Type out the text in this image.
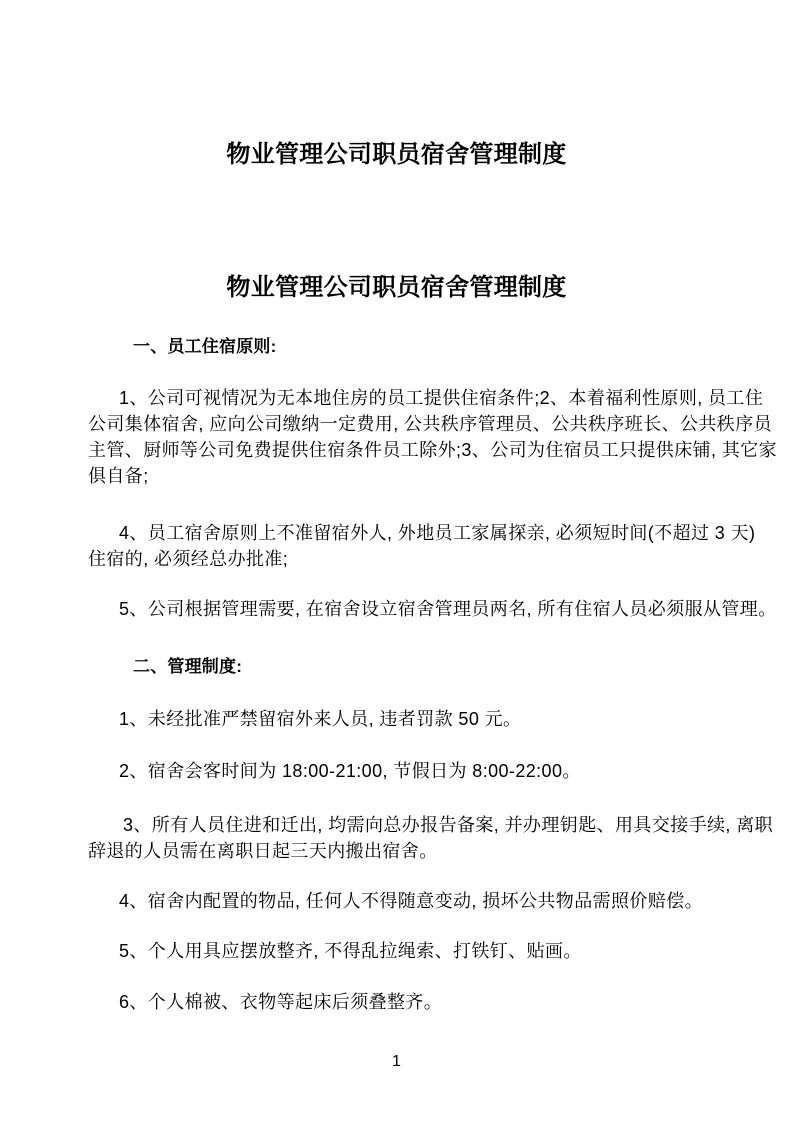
物业管理公司职员宿舍管理制度
物业管理公司职员宿舍管理制度
一、员工住宿原则:
1、公司可视情况为无本地住房的员工提供住宿条件;2、本着福利性原则, 员工住
公司集体宿舍, 应向公司缴纳一定费用, 公共秩序管理员、公共秩序班长、公共秩序员
主管、厨师等公司免费提供住宿条件员工除外;3、公司为住宿员工只提供床铺, 其它家
俱自备;
4、员工宿舍原则上不准留宿外人, 外地员工家属探亲, 必须短时间(不超过 3 天)
住宿的, 必须经总办批准;
5、公司根据管理需要, 在宿舍设立宿舍管理员两名, 所有住宿人员必须服从管理。
二、管理制度:
1、未经批准严禁留宿外来人员, 违者罚款 50 元。
2、宿舍会客时间为 18:00-21:00, 节假日为 8:00-22:00。
3、所有人员住进和迁出, 均需向总办报告备案, 并办理钥匙、用具交接手续, 离职
辞退的人员需在离职日起三天内搬出宿舍。
4、宿舍内配置的物品, 任何人不得随意变动, 损坏公共物品需照价赔偿。
5、个人用具应摆放整齐, 不得乱拉绳索、打铁钉、贴画。
6、个人棉被、衣物等起床后须叠整齐。
1
